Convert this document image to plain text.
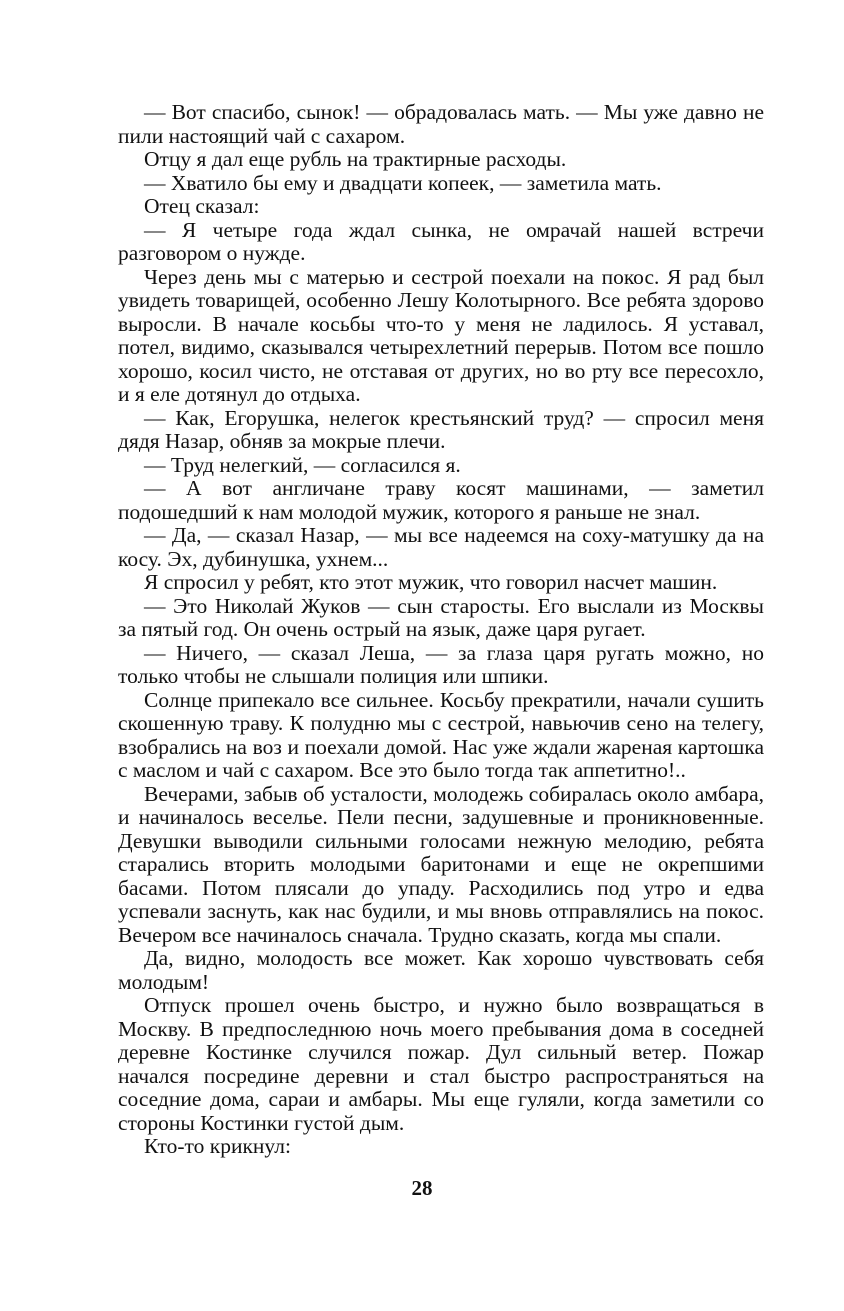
— Вот спасибо, сынок! — обрадовалась мать. — Мы уже давно не пили настоящий чай с сахаром.

Отцу я дал еще рубль на трактирные расходы.

— Хватило бы ему и двадцати копеек, — заметила мать.

Отец сказал:

— Я четыре года ждал сынка, не омрачай нашей встречи разговором о нужде.

Через день мы с матерью и сестрой поехали на покос. Я рад был увидеть товарищей, особенно Лешу Колотырного. Все ребята здорово выросли. В начале косьбы что-то у меня не ладилось. Я уставал, потел, видимо, сказывался четырехлетний перерыв. Потом все пошло хорошо, косил чисто, не отставая от других, но во рту все пересохло, и я еле дотянул до отдыха.

— Как, Егорушка, нелегок крестьянский труд? — спросил меня дядя Назар, обняв за мокрые плечи.

— Труд нелегкий, — согласился я.

— А вот англичане траву косят машинами, — заметил подошедший к нам молодой мужик, которого я раньше не знал.

— Да, — сказал Назар, — мы все надеемся на соху-матушку да на косу. Эх, дубинушка, ухнем...

Я спросил у ребят, кто этот мужик, что говорил насчет машин.

— Это Николай Жуков — сын старосты. Его выслали из Москвы за пятый год. Он очень острый на язык, даже царя ругает.

— Ничего, — сказал Леша, — за глаза царя ругать можно, но только чтобы не слышали полиция или шпики.

Солнце припекало все сильнее. Косьбу прекратили, начали сушить скошенную траву. К полудню мы с сестрой, навьючив сено на телегу, взобрались на воз и поехали домой. Нас уже ждали жареная картошка с маслом и чай с сахаром. Все это было тогда так аппетитно!..

Вечерами, забыв об усталости, молодежь собиралась около амбара, и начиналось веселье. Пели песни, задушевные и проникновенные. Девушки выводили сильными голосами нежную мелодию, ребята старались вторить молодыми баритонами и еще не окрепшими басами. Потом плясали до упаду. Расходились под утро и едва успевали заснуть, как нас будили, и мы вновь отправлялись на покос. Вечером все начиналось сначала. Трудно сказать, когда мы спали.

Да, видно, молодость все может. Как хорошо чувствовать себя молодым!

Отпуск прошел очень быстро, и нужно было возвращаться в Москву. В предпоследнюю ночь моего пребывания дома в соседней деревне Костинке случился пожар. Дул сильный ветер. Пожар начался посредине деревни и стал быстро распространяться на соседние дома, сараи и амбары. Мы еще гуляли, когда заметили со стороны Костинки густой дым.

Кто-то крикнул:

28
